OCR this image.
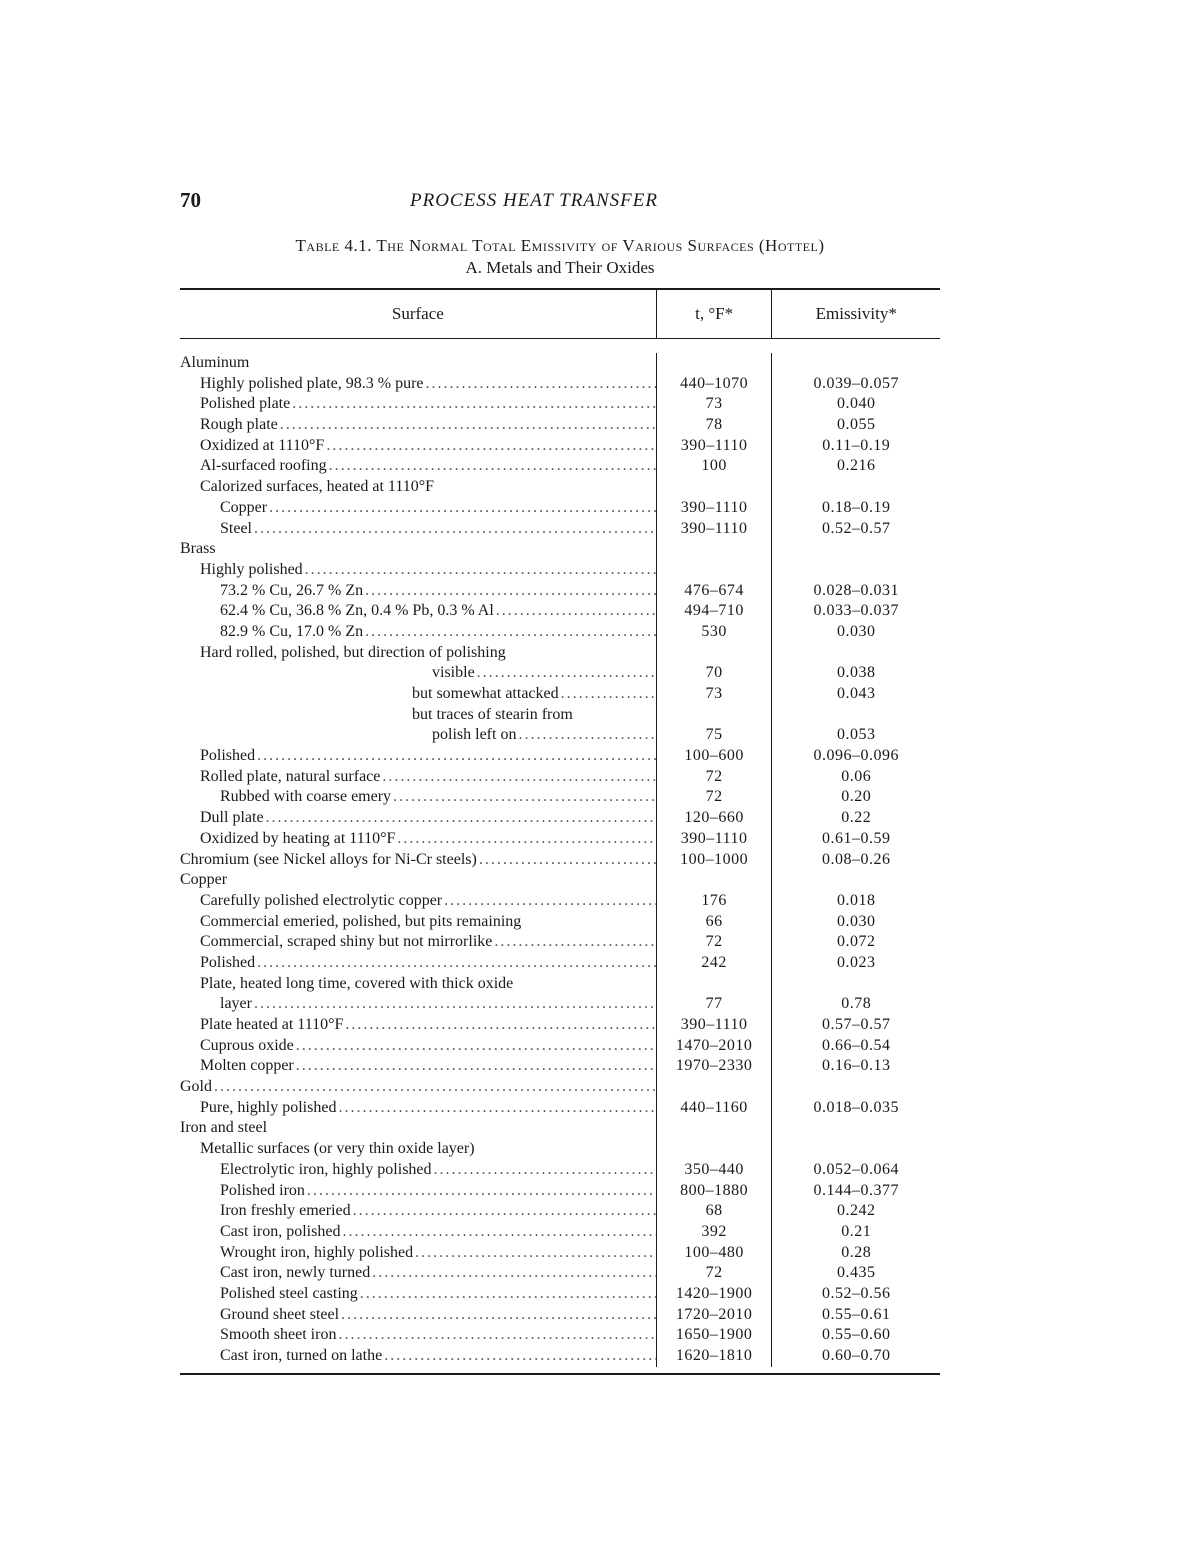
70	PROCESS HEAT TRANSFER
Table 4.1. The Normal Total Emissivity of Various Surfaces (Hottel)
A. Metals and Their Oxides
Surface	t, °F*	Emissivity*
Aluminum
Highly polished plate, 98.3 % pure .....	440–1070	0.039–0.057
Polished plate .....	73	0.040
Rough plate .....	78	0.055
Oxidized at 1110°F .....	390–1110	0.11–0.19
Al-surfaced roofing .....	100	0.216
Calorized surfaces, heated at 1110°F
Copper .....	390–1110	0.18–0.19
Steel .....	390–1110	0.52–0.57
Brass
Highly polished
.....
73.2 % Cu, 26.7 % Zn .....	476–674	0.028–0.031
62.4 % Cu, 36.8 % Zn, 0.4 % Pb, 0.3 % Al .....	494–710	0.033–0.037
82.9 % Cu, 17.0 % Zn .....	530	0.030
Hard rolled, polished, but direction of polishing
visible .....	70	0.038
but somewhat attacked .....	73	0.043
but traces of stearin from
polish left on .....	75	0.053
Polished .....	100–600	0.096–0.096
Rolled plate, natural surface .....	72	0.06
Rubbed with coarse emery .....	72	0.20
Dull plate .....	120–660	0.22
Oxidized by heating at 1110°F .....	390–1110	0.61–0.59
Chromium (see Nickel alloys for Ni-Cr steels) .....	100–1000	0.08–0.26
Copper
Carefully polished electrolytic copper .....	176	0.018
Commercial emeried, polished, but pits remaining	66	0.030
Commercial, scraped shiny but not mirrorlike .....	72	0.072
Polished .....	242	0.023
Plate, heated long time, covered with thick oxide
layer .....	77	0.78
Plate heated at 1110°F .....	390–1110	0.57–0.57
Cuprous oxide .....	1470–2010	0.66–0.54
Molten copper .....	1970–2330	0.16–0.13
Gold
.....
Pure, highly polished .....	440–1160	0.018–0.035
Iron and steel
Metallic surfaces (or very thin oxide layer)
Electrolytic iron, highly polished .....	350–440	0.052–0.064
Polished iron .....	800–1880	0.144–0.377
Iron freshly emeried .....	68	0.242
Cast iron, polished .....	392	0.21
Wrought iron, highly polished .....	100–480	0.28
Cast iron, newly turned .....	72	0.435
Polished steel casting .....	1420–1900	0.52–0.56
Ground sheet steel .....	1720–2010	0.55–0.61
Smooth sheet iron .....	1650–1900	0.55–0.60
Cast iron, turned on lathe .....	1620–1810	0.60–0.70
